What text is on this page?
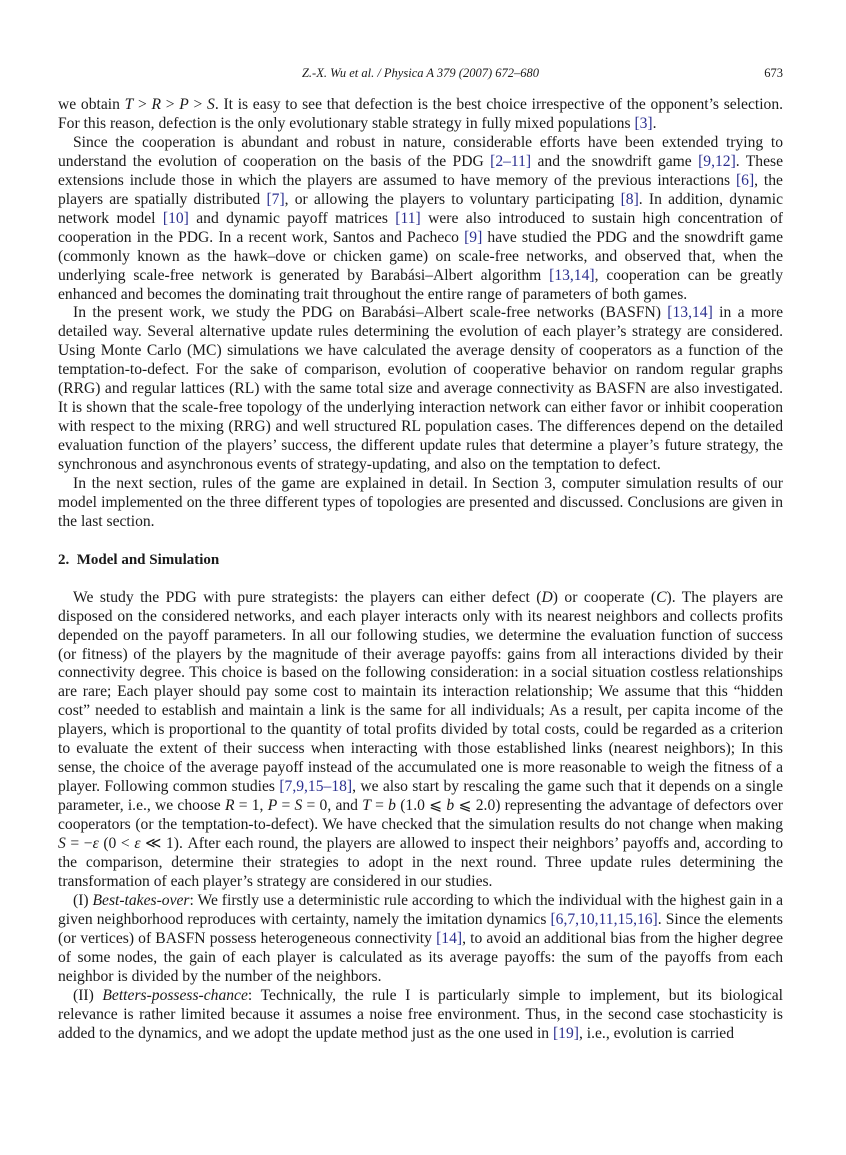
Z.-X. Wu et al. / Physica A 379 (2007) 672–680	673

we obtain T > R > P > S. It is easy to see that defection is the best choice irrespective of the opponent’s selection. For this reason, defection is the only evolutionary stable strategy in fully mixed populations [3].

Since the cooperation is abundant and robust in nature, considerable efforts have been extended trying to understand the evolution of cooperation on the basis of the PDG [2–11] and the snowdrift game [9,12]. These extensions include those in which the players are assumed to have memory of the previous interactions [6], the players are spatially distributed [7], or allowing the players to voluntary participating [8]. In addition, dynamic network model [10] and dynamic payoff matrices [11] were also introduced to sustain high concentration of cooperation in the PDG. In a recent work, Santos and Pacheco [9] have studied the PDG and the snowdrift game (commonly known as the hawk–dove or chicken game) on scale-free networks, and observed that, when the underlying scale-free network is generated by Barabási–Albert algorithm [13,14], cooperation can be greatly enhanced and becomes the dominating trait throughout the entire range of parameters of both games.

In the present work, we study the PDG on Barabási–Albert scale-free networks (BASFN) [13,14] in a more detailed way. Several alternative update rules determining the evolution of each player’s strategy are considered. Using Monte Carlo (MC) simulations we have calculated the average density of cooperators as a function of the temptation-to-defect. For the sake of comparison, evolution of cooperative behavior on random regular graphs (RRG) and regular lattices (RL) with the same total size and average connectivity as BASFN are also investigated. It is shown that the scale-free topology of the underlying interaction network can either favor or inhibit cooperation with respect to the mixing (RRG) and well structured RL population cases. The differences depend on the detailed evaluation function of the players’ success, the different update rules that determine a player’s future strategy, the synchronous and asynchronous events of strategy-updating, and also on the temptation to defect.

In the next section, rules of the game are explained in detail. In Section 3, computer simulation results of our model implemented on the three different types of topologies are presented and discussed. Conclusions are given in the last section.

2. Model and Simulation

We study the PDG with pure strategists: the players can either defect (D) or cooperate (C). The players are disposed on the considered networks, and each player interacts only with its nearest neighbors and collects profits depended on the payoff parameters. In all our following studies, we determine the evaluation function of success (or fitness) of the players by the magnitude of their average payoffs: gains from all interactions divided by their connectivity degree. This choice is based on the following consideration: in a social situation costless relationships are rare; Each player should pay some cost to maintain its interaction relationship; We assume that this “hidden cost” needed to establish and maintain a link is the same for all individuals; As a result, per capita income of the players, which is proportional to the quantity of total profits divided by total costs, could be regarded as a criterion to evaluate the extent of their success when interacting with those established links (nearest neighbors); In this sense, the choice of the average payoff instead of the accumulated one is more reasonable to weigh the fitness of a player. Following common studies [7,9,15–18], we also start by rescaling the game such that it depends on a single parameter, i.e., we choose R = 1, P = S = 0, and T = b (1.0 ⩽ b ⩽ 2.0) representing the advantage of defectors over cooperators (or the temptation-to-defect). We have checked that the simulation results do not change when making S = −ε (0 < ε ≪ 1). After each round, the players are allowed to inspect their neighbors’ payoffs and, according to the comparison, determine their strategies to adopt in the next round. Three update rules determining the transformation of each player’s strategy are considered in our studies.

(I) Best-takes-over: We firstly use a deterministic rule according to which the individual with the highest gain in a given neighborhood reproduces with certainty, namely the imitation dynamics [6,7,10,11,15,16]. Since the elements (or vertices) of BASFN possess heterogeneous connectivity [14], to avoid an additional bias from the higher degree of some nodes, the gain of each player is calculated as its average payoffs: the sum of the payoffs from each neighbor is divided by the number of the neighbors.

(II) Betters-possess-chance: Technically, the rule I is particularly simple to implement, but its biological relevance is rather limited because it assumes a noise free environment. Thus, in the second case stochasticity is added to the dynamics, and we adopt the update method just as the one used in [19], i.e., evolution is carried
